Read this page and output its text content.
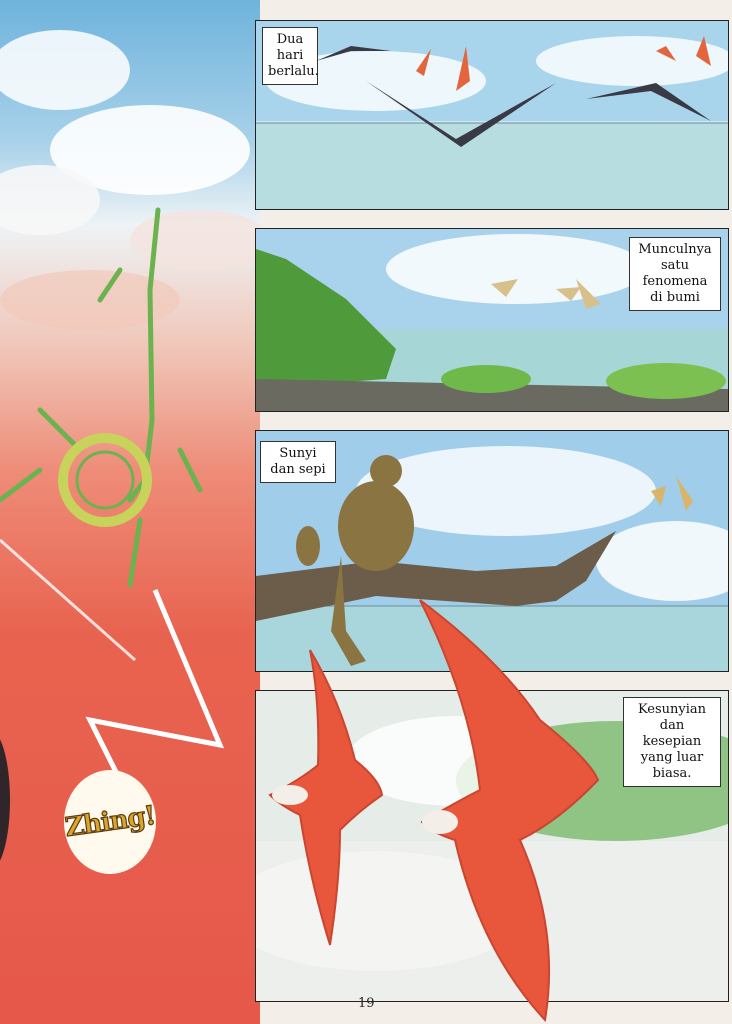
Zhing!
Dua hari berlalu.
Munculnya satu fenomena di bumi
Sunyi dan sepi
Kesunyian dan kesepian yang luar biasa.
19
